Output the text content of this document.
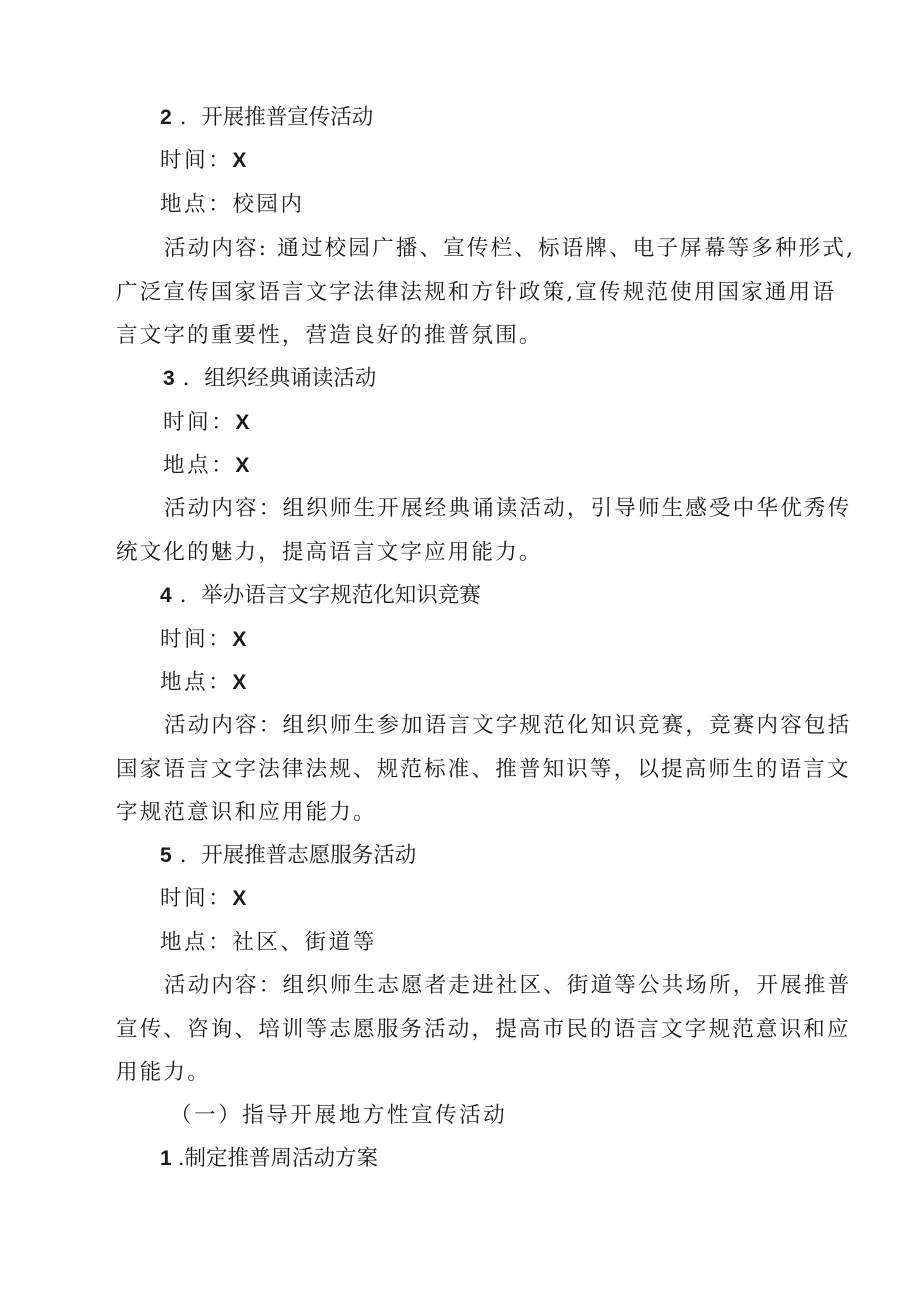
2 ．开展推普宣传活动
时间：X
地点：校园内
活动内容: 通过校园广播、宣传栏、标语牌、电子屏幕等多种形式,
广泛宣传国家语言文字法律法规和方针政策,宣传规范使用国家通用语
言文字的重要性，营造良好的推普氛围。
3 ．组织经典诵读活动
时间：X
地点：X
活动内容：组织师生开展经典诵读活动，引导师生感受中华优秀传
统文化的魅力，提高语言文字应用能力。
4 ．举办语言文字规范化知识竞赛
时间：X
地点：X
活动内容：组织师生参加语言文字规范化知识竞赛，竞赛内容包括
国家语言文字法律法规、规范标准、推普知识等，以提高师生的语言文
字规范意识和应用能力。
5 ．开展推普志愿服务活动
时间：X
地点：社区、街道等
活动内容：组织师生志愿者走进社区、街道等公共场所，开展推普
宣传、咨询、培训等志愿服务活动，提高市民的语言文字规范意识和应
用能力。
（一）指导开展地方性宣传活动
1 .制定推普周活动方案
